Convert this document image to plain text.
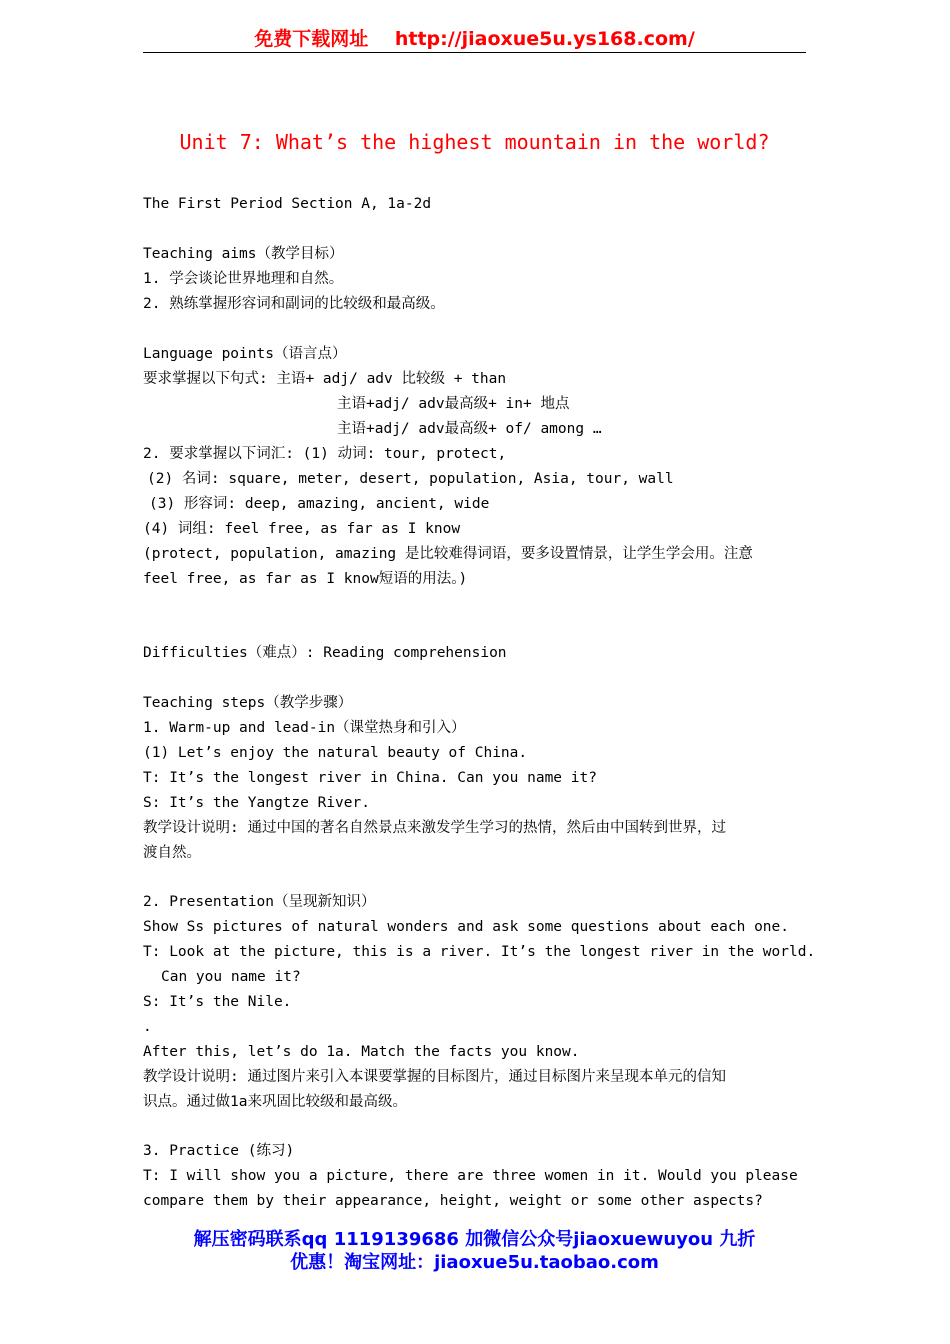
免费下载网址 http://jiaoxue5u.ys168.com/
Unit 7: What’s the highest mountain in the world?
The First Period Section A, 1a-2d
Teaching aims（教学目标）
1. 学会谈论世界地理和自然。
2. 熟练掌握形容词和副词的比较级和最高级。
Language points（语言点）
要求掌握以下句式: 主语+ adj/ adv 比较级 + than
主语+adj/ adv最高级+ in+ 地点
主语+adj/ adv最高级+ of/ among …
2. 要求掌握以下词汇: (1) 动词: tour, protect,
(2) 名词: square, meter, desert, population, Asia, tour, wall
(3) 形容词: deep, amazing, ancient, wide
(4) 词组: feel free, as far as I know
(protect, population, amazing 是比较难得词语，要多设置情景，让学生学会用。注意
feel free, as far as I know短语的用法。)
Difficulties（难点）: Reading comprehension
Teaching steps（教学步骤）
1. Warm-up and lead-in（课堂热身和引入）
(1) Let’s enjoy the natural beauty of China.
T: It’s the longest river in China. Can you name it?
S: It’s the Yangtze River.
教学设计说明: 通过中国的著名自然景点来激发学生学习的热情，然后由中国转到世界，过
渡自然。
2. Presentation（呈现新知识）
Show Ss pictures of natural wonders and ask some questions about each one.
T: Look at the picture, this is a river. It’s the longest river in the world.
Can you name it?
S: It’s the Nile.
.
After this, let’s do 1a. Match the facts you know.
教学设计说明: 通过图片来引入本课要掌握的目标图片，通过目标图片来呈现本单元的信知
识点。通过做1a来巩固比较级和最高级。
3. Practice (练习)
T: I will show you a picture, there are three women in it. Would you please
compare them by their appearance, height, weight or some other aspects?
解压密码联系qq 1119139686 加微信公众号jiaoxuewuyou 九折
优惠！淘宝网址：jiaoxue5u.taobao.com
